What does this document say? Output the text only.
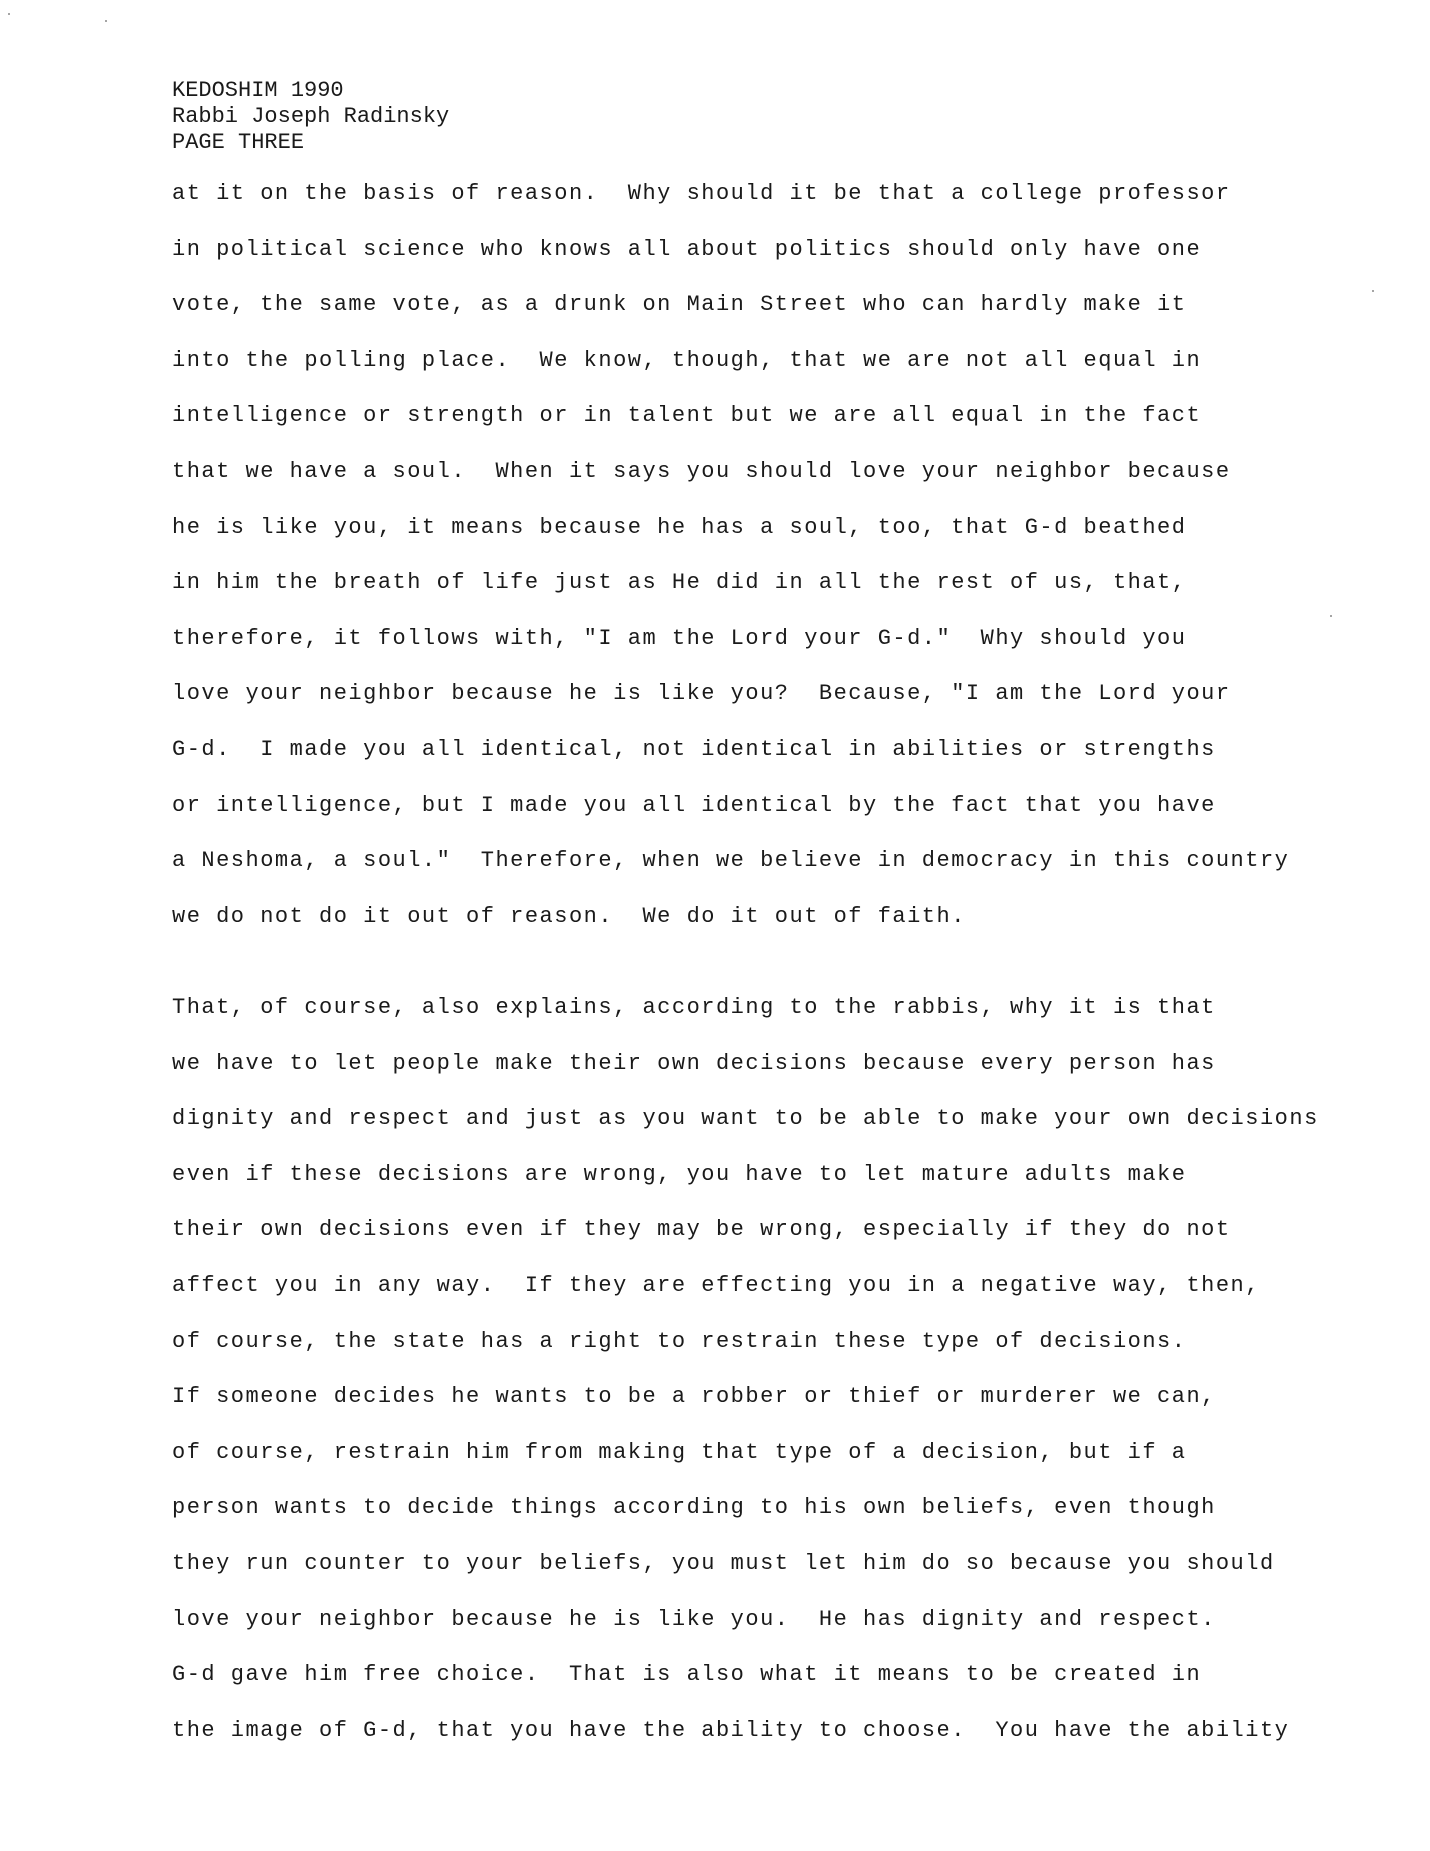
KEDOSHIM 1990
Rabbi Joseph Radinsky
PAGE THREE
at it on the basis of reason.  Why should it be that a college professor
in political science who knows all about politics should only have one
vote, the same vote, as a drunk on Main Street who can hardly make it
into the polling place.  We know, though, that we are not all equal in
intelligence or strength or in talent but we are all equal in the fact
that we have a soul.  When it says you should love your neighbor because
he is like you, it means because he has a soul, too, that G-d beathed
in him the breath of life just as He did in all the rest of us, that,
therefore, it follows with, "I am the Lord your G-d."  Why should you
love your neighbor because he is like you?  Because, "I am the Lord your
G-d.  I made you all identical, not identical in abilities or strengths
or intelligence, but I made you all identical by the fact that you have
a Neshoma, a soul."  Therefore, when we believe in democracy in this country
we do not do it out of reason.  We do it out of faith.
That, of course, also explains, according to the rabbis, why it is that
we have to let people make their own decisions because every person has
dignity and respect and just as you want to be able to make your own decisions
even if these decisions are wrong, you have to let mature adults make
their own decisions even if they may be wrong, especially if they do not
affect you in any way.  If they are effecting you in a negative way, then,
of course, the state has a right to restrain these type of decisions.
If someone decides he wants to be a robber or thief or murderer we can,
of course, restrain him from making that type of a decision, but if a
person wants to decide things according to his own beliefs, even though
they run counter to your beliefs, you must let him do so because you should
love your neighbor because he is like you.  He has dignity and respect.
G-d gave him free choice.  That is also what it means to be created in
the image of G-d, that you have the ability to choose.  You have the ability
